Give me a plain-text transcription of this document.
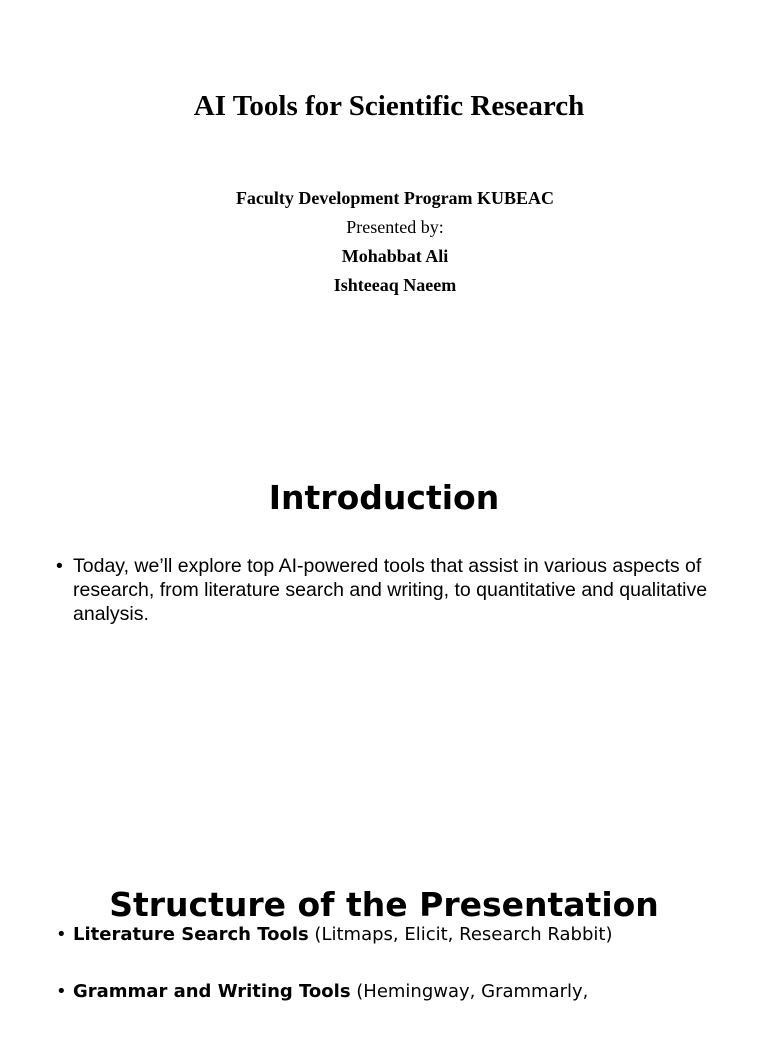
AI Tools for Scientific Research
Faculty Development Program KUBEAC
Presented by:
Mohabbat Ali
Ishteeaq Naeem
Introduction
• Today, we’ll explore top AI-powered tools that assist in various aspects of research, from literature search and writing, to quantitative and qualitative analysis.
Structure of the Presentation
• Literature Search Tools (Litmaps, Elicit, Research Rabbit)
• Grammar and Writing Tools (Hemingway, Grammarly,
